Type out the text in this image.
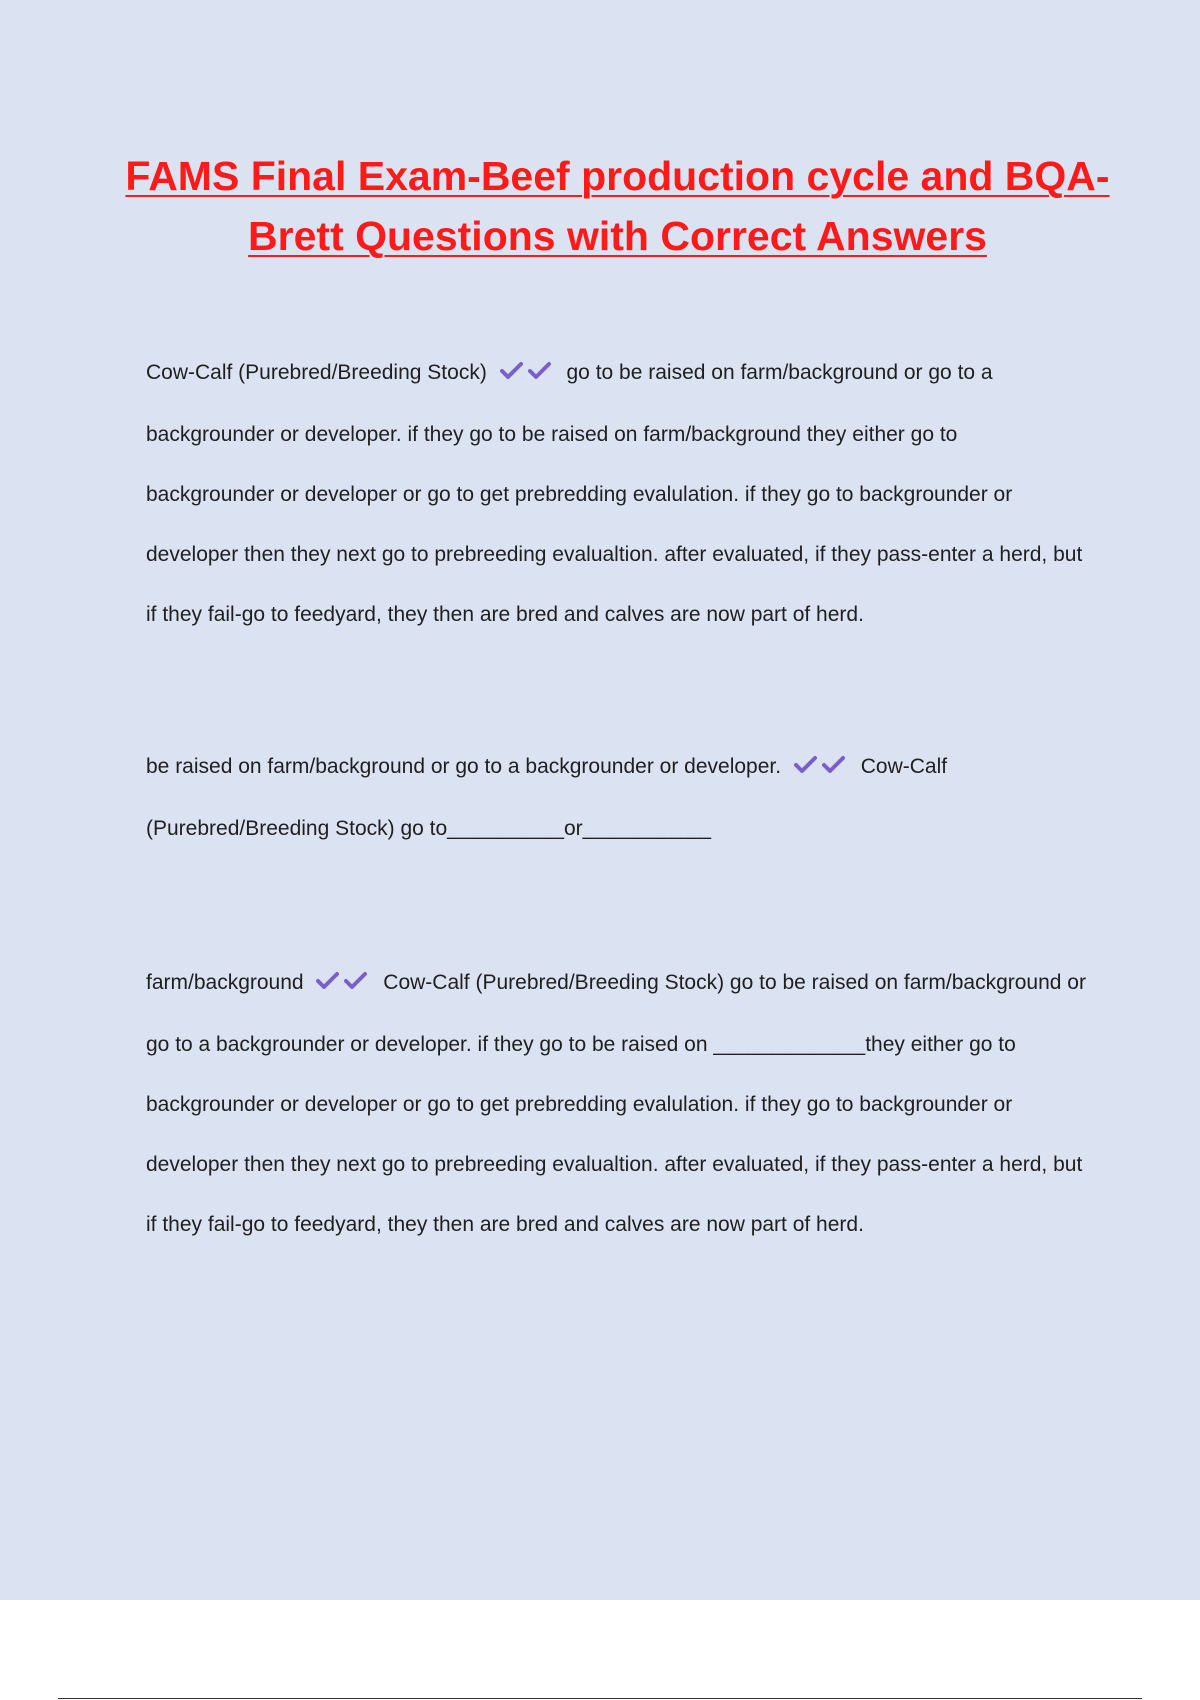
FAMS Final Exam-Beef production cycle and BQA-Brett Questions with Correct Answers

Cow-Calf (Purebred/Breeding Stock)	go to be raised on farm/background or go to a backgrounder or developer. if they go to be raised on farm/background they either go to backgrounder or developer or go to get prebredding evalulation. if they go to backgrounder or developer then they next go to prebreeding evalualtion. after evaluated, if they pass-enter a herd, but if they fail-go to feedyard, they then are bred and calves are now part of herd.

be raised on farm/background or go to a backgrounder or developer.	Cow-Calf (Purebred/Breeding Stock) go to__________or___________

farm/background	Cow-Calf (Purebred/Breeding Stock) go to be raised on farm/background or go to a backgrounder or developer. if they go to be raised on _____________they either go to backgrounder or developer or go to get prebredding evalulation. if they go to backgrounder or developer then they next go to prebreeding evalualtion. after evaluated, if they pass-enter a herd, but if they fail-go to feedyard, they then are bred and calves are now part of herd.
